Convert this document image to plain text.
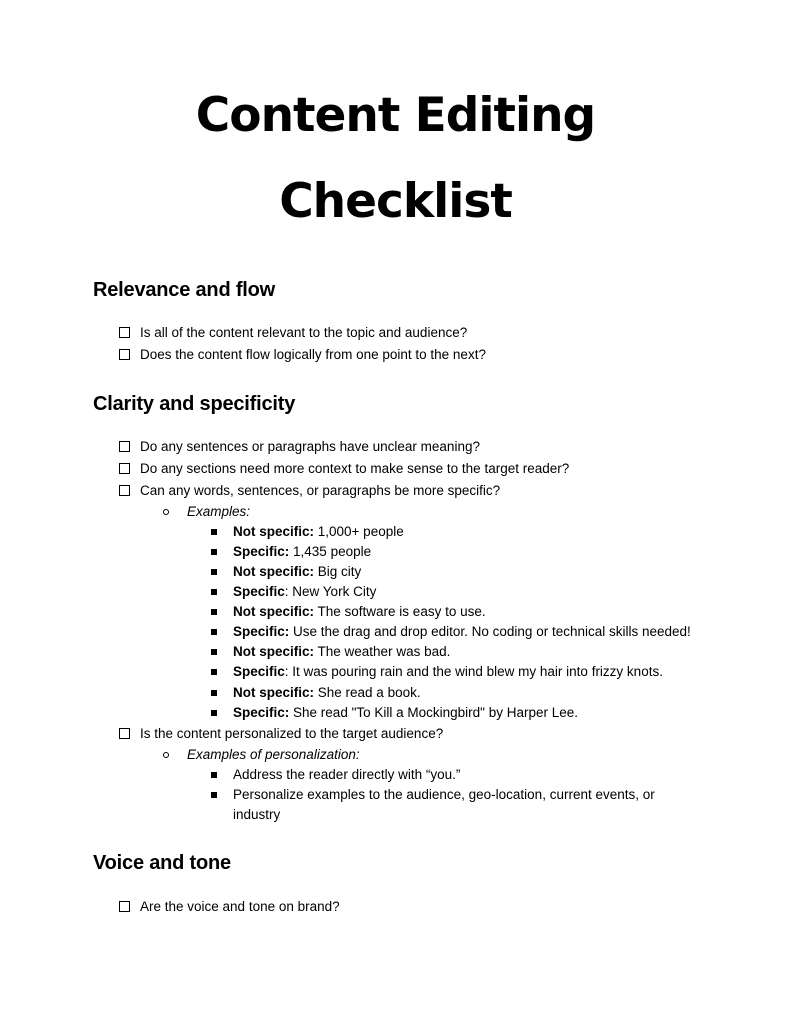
Content Editing
Checklist
Relevance and flow
Is all of the content relevant to the topic and audience?
Does the content flow logically from one point to the next?
Clarity and specificity
Do any sentences or paragraphs have unclear meaning?
Do any sections need more context to make sense to the target reader?
Can any words, sentences, or paragraphs be more specific?
Examples:
Not specific: 1,000+ people
Specific: 1,435 people
Not specific: Big city
Specific: New York City
Not specific: The software is easy to use.
Specific: Use the drag and drop editor. No coding or technical skills needed!
Not specific: The weather was bad.
Specific: It was pouring rain and the wind blew my hair into frizzy knots.
Not specific: She read a book.
Specific: She read "To Kill a Mockingbird" by Harper Lee.
Is the content personalized to the target audience?
Examples of personalization:
Address the reader directly with “you.”
Personalize examples to the audience, geo-location, current events, or industry
Voice and tone
Are the voice and tone on brand?
